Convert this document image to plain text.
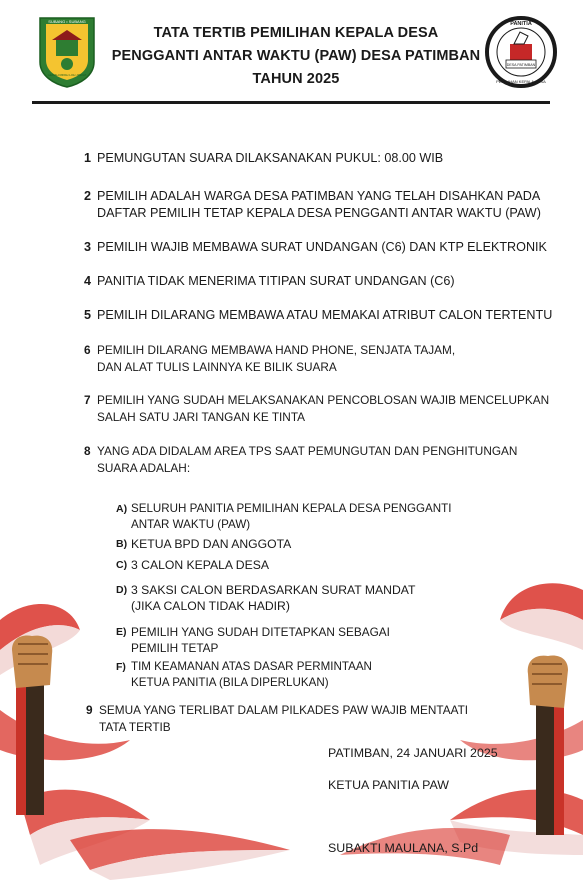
SUBANG • SUBANG
GEMAH RIPAH LOH JINAWI
TATA TERTIB PEMILIHAN KEPALA DESA
PENGGANTI ANTAR WAKTU (PAW) DESA PATIMBAN
TAHUN 2025
PANITIA
DESA PATIMBAN
PEMILIHAN KEPALA DESA
1 PEMUNGUTAN SUARA DILAKSANAKAN PUKUL: 08.00 WIB
2 PEMILIH ADALAH WARGA DESA PATIMBAN YANG TELAH DISAHKAN PADA
DAFTAR PEMILIH TETAP KEPALA DESA PENGGANTI ANTAR WAKTU (PAW)
3 PEMILIH WAJIB MEMBAWA SURAT UNDANGAN (C6) DAN KTP ELEKTRONIK
4 PANITIA TIDAK MENERIMA TITIPAN SURAT UNDANGAN (C6)
5 PEMILIH DILARANG MEMBAWA ATAU MEMAKAI ATRIBUT CALON TERTENTU
6 PEMILIH DILARANG MEMBAWA HAND PHONE, SENJATA TAJAM,
DAN ALAT TULIS LAINNYA KE BILIK SUARA
7 PEMILIH YANG SUDAH MELAKSANAKAN PENCOBLOSAN WAJIB MENCELUPKAN
SALAH SATU JARI TANGAN KE TINTA
8 YANG ADA DIDALAM AREA TPS SAAT PEMUNGUTAN DAN PENGHITUNGAN
SUARA ADALAH:
A) SELURUH PANITIA PEMILIHAN KEPALA DESA PENGGANTI
ANTAR WAKTU (PAW)
B) KETUA BPD DAN ANGGOTA
C) 3 CALON KEPALA DESA
D) 3 SAKSI CALON BERDASARKAN SURAT MANDAT
(JIKA CALON TIDAK HADIR)
E) PEMILIH YANG SUDAH DITETAPKAN SEBAGAI
PEMILIH TETAP
F) TIM KEAMANAN ATAS DASAR PERMINTAAN
KETUA PANITIA (BILA DIPERLUKAN)
9 SEMUA YANG TERLIBAT DALAM PILKADES PAW WAJIB MENTAATI
TATA TERTIB
PATIMBAN, 24 JANUARI 2025
KETUA PANITIA PAW
SUBAKTI MAULANA, S.Pd
